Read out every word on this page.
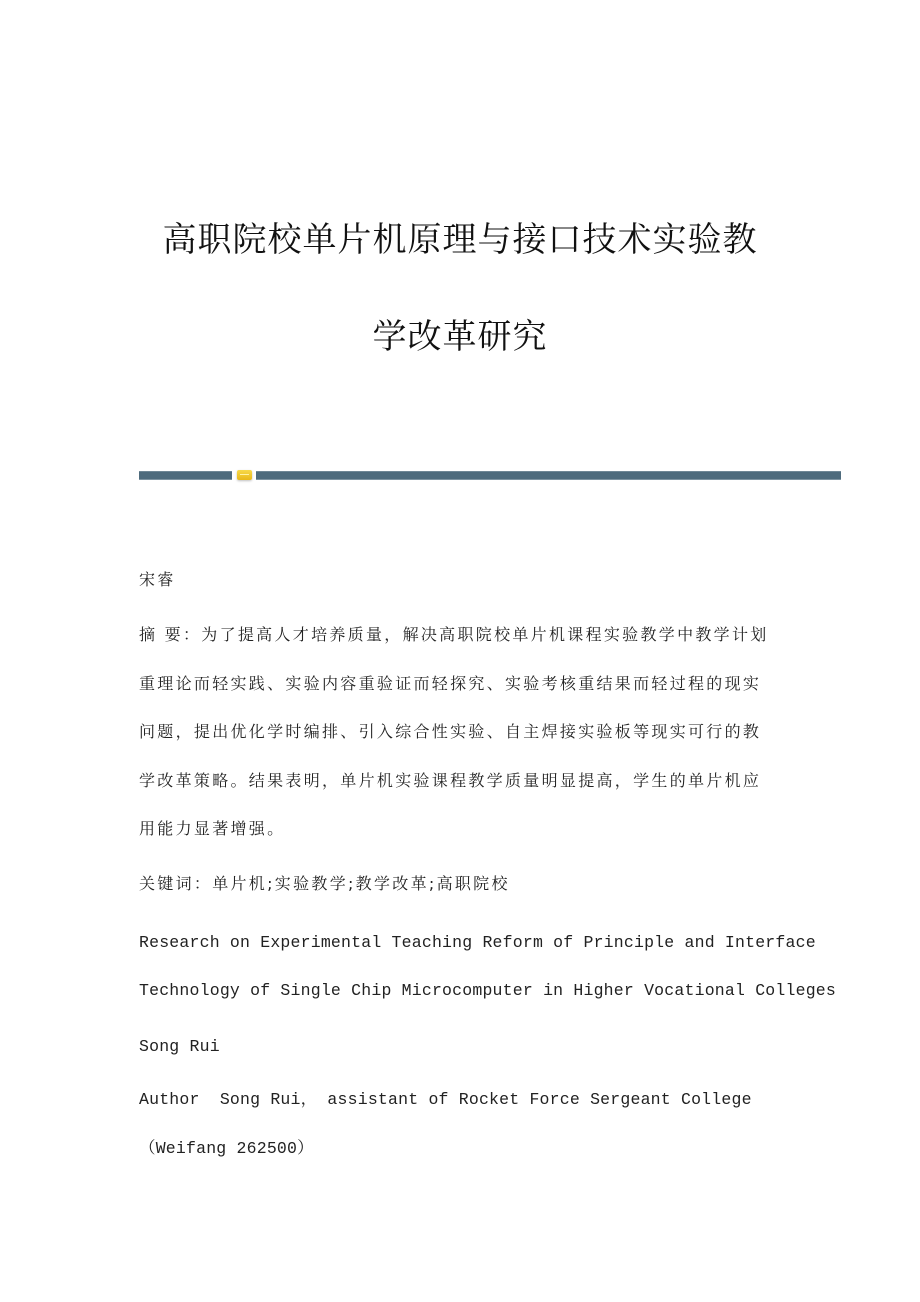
高职院校单片机原理与接口技术实验教
学改革研究
宋睿
摘 要：为了提高人才培养质量，解决高职院校单片机课程实验教学中教学计划
重理论而轻实践、实验内容重验证而轻探究、实验考核重结果而轻过程的现实
问题，提出优化学时编排、引入综合性实验、自主焊接实验板等现实可行的教
学改革策略。结果表明，单片机实验课程教学质量明显提高，学生的单片机应
用能力显著增强。
关键词：单片机;实验教学;教学改革;高职院校
Research on Experimental Teaching Reform of Principle and Interface
Technology of Single Chip Microcomputer in Higher Vocational Colleges
Song Rui
Author  Song Rui， assistant of Rocket Force Sergeant College
（Weifang 262500）
